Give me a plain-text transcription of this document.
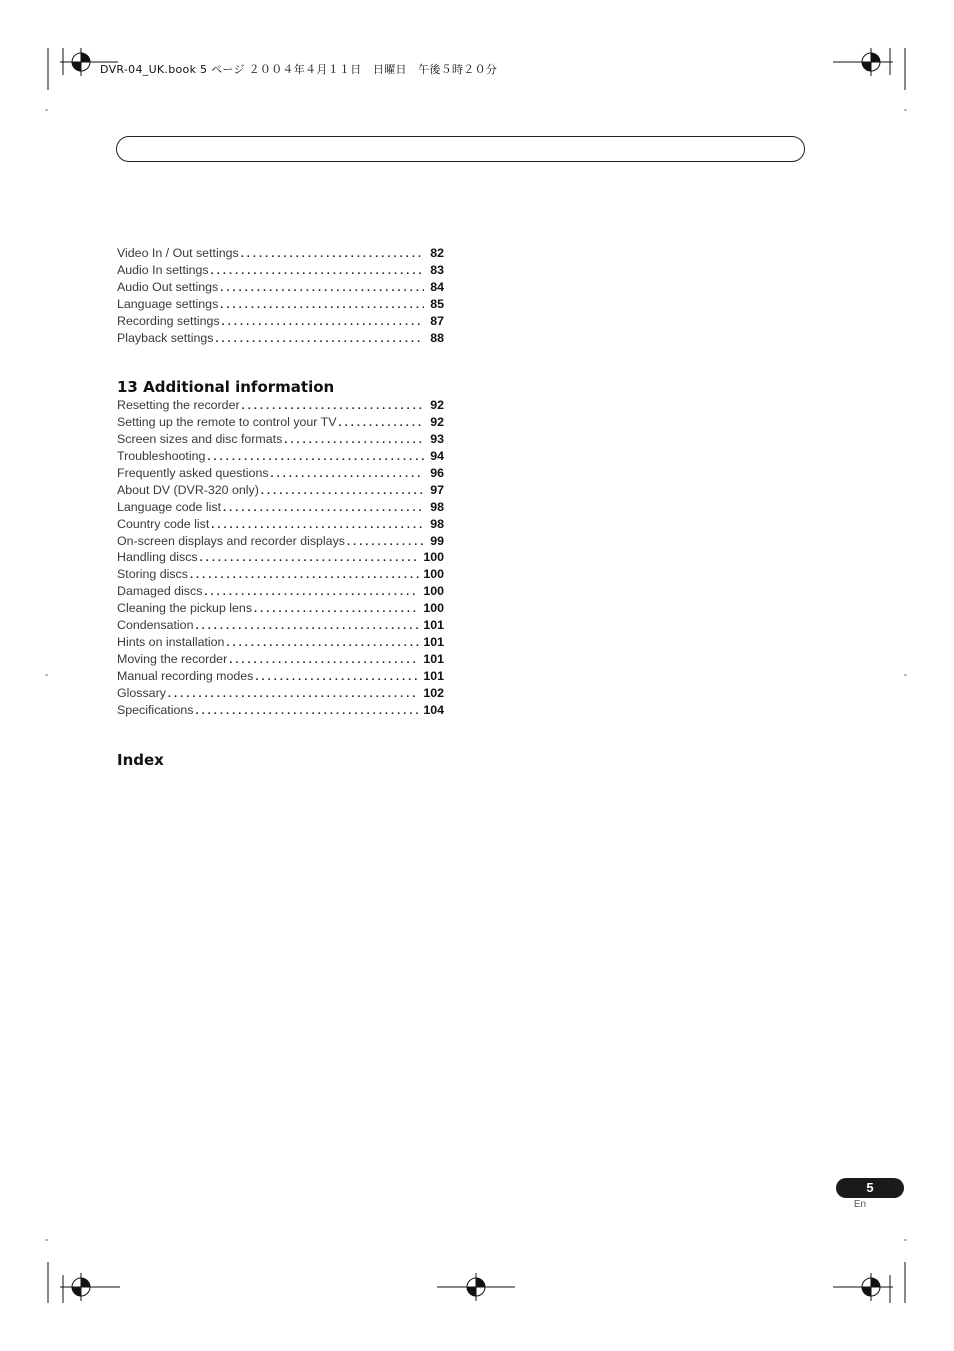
DVR-04_UK.book 5 ページ ２００４年４月１１日　日曜日　午後５時２０分
Video In / Out settings . . .	82
Audio In settings . . .	83
Audio Out settings . . .	84
Language settings . . .	85
Recording settings . . .	87
Playback settings . . .	88
13 Additional information
Resetting the recorder . . .	92
Setting up the remote to control your TV . . .	92
Screen sizes and disc formats . . .	93
Troubleshooting . . .	94
Frequently asked questions . . .	96
About DV (DVR-320 only) . . .	97
Language code list . . .	98
Country code list . . .	98
On-screen displays and recorder displays . . .	99
Handling discs . . .	100
Storing discs . . .	100
Damaged discs . . .	100
Cleaning the pickup lens . . .	100
Condensation . . .	101
Hints on installation . . .	101
Moving the recorder . . .	101
Manual recording modes . . .	101
Glossary . . .	102
Specifications . . .	104
Index
5
En
